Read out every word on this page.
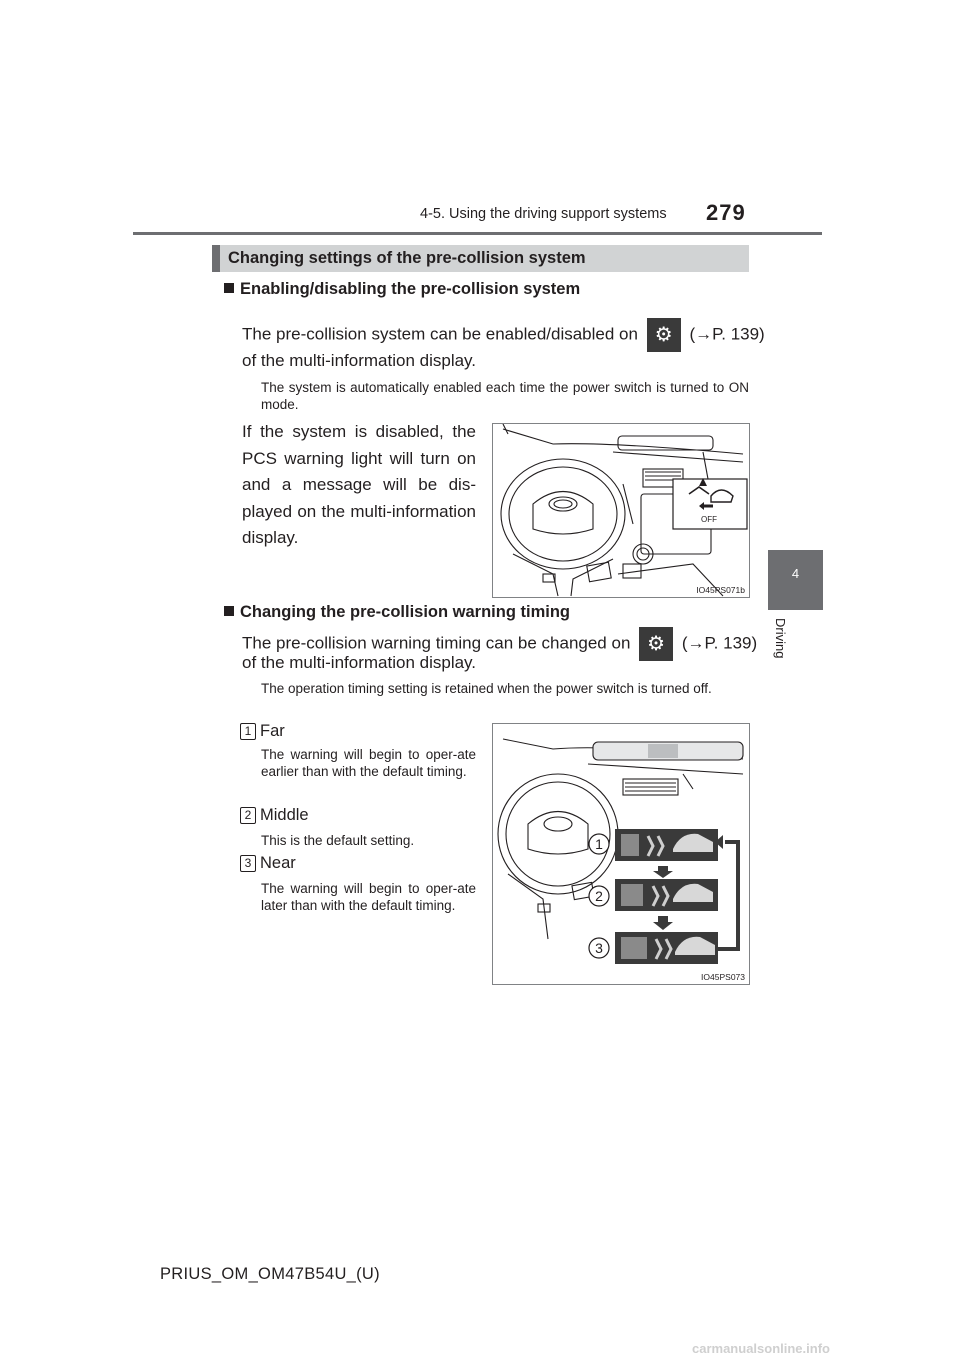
4-5. Using the driving support systems 279
4
Driving
Changing settings of the pre-collision system
Enabling/disabling the pre-collision system
The pre-collision system can be enabled/disabled on ⚙ (→P. 139)
of the multi-information display.
The system is automatically enabled each time the power switch is turned to ON mode.
If the system is disabled, the PCS warning light will turn on and a message will be dis-played on the multi-information display.
OFF
IO45PS071b
Changing the pre-collision warning timing
The pre-collision warning timing can be changed on ⚙ (→P. 139)
of the multi-information display.
The operation timing setting is retained when the power switch is turned off.
1 Far
The warning will begin to oper-ate earlier than with the default timing.
2 Middle
This is the default setting.
3 Near
The warning will begin to oper-ate later than with the default timing.
1
2
3
IO45PS073
PRIUS_OM_OM47B54U_(U)
carmanualsonline.info
